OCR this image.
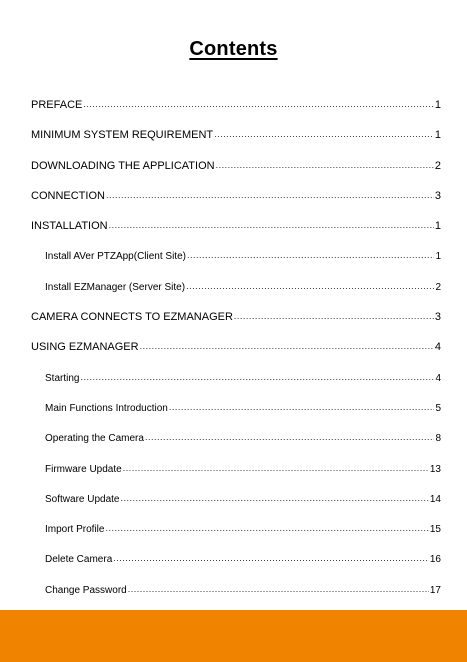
Contents
PREFACE .....	1
MINIMUM SYSTEM REQUIREMENT .....	1
DOWNLOADING THE APPLICATION .....	2
CONNECTION .....	3
INSTALLATION .....	1
Install AVer PTZApp(Client Site) .....	1
Install EZManager (Server Site) .....	2
CAMERA CONNECTS TO EZMANAGER .....	3
USING EZMANAGER .....	4
Starting .....	4
Main Functions Introduction .....	5
Operating the Camera .....	8
Firmware Update .....	13
Software Update .....	14
Import Profile .....	15
Delete Camera .....	16
Change Password .....	17
